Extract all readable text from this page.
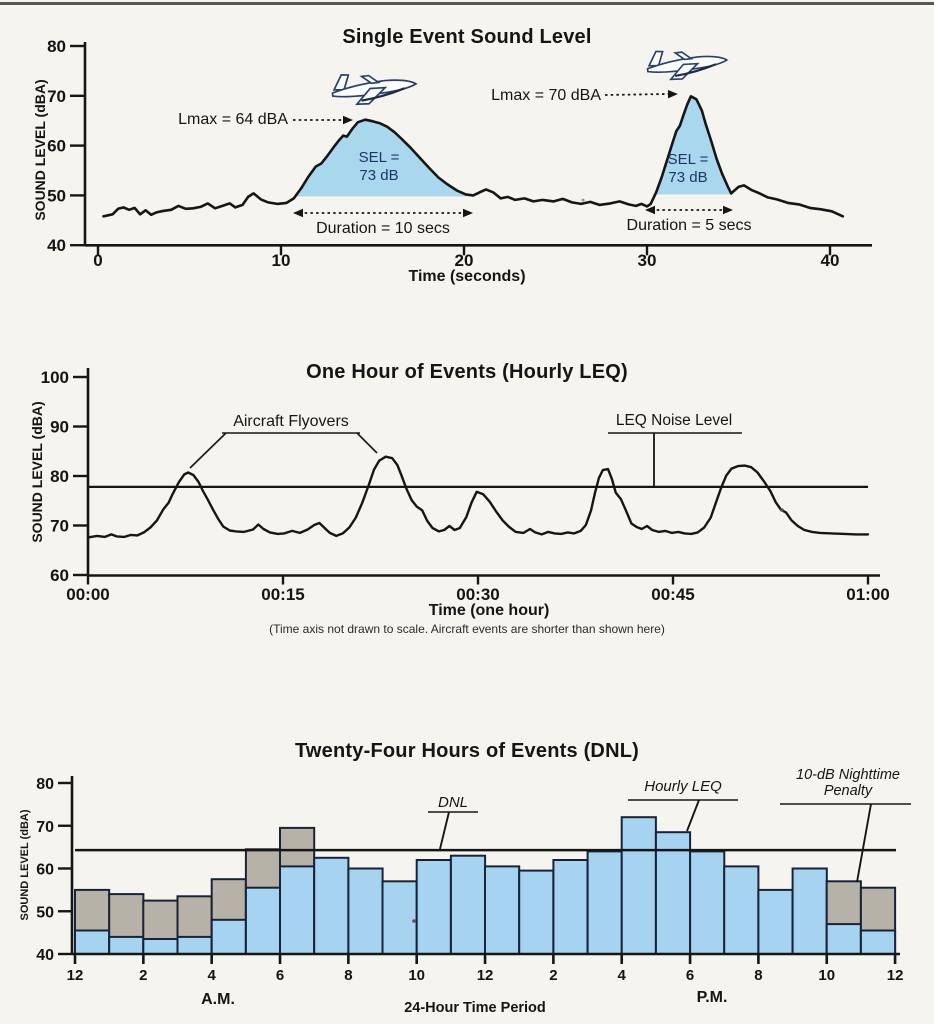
40
50
60
70
80
0	10	20	30	40
60
70
80
90
100
00:00	00:15	00:30	00:45	01:00
40
50
60
70
80
12	2	4	6	8	10	12	2	4	6	8	10	12
Single Event Sound Level
SOUND LEVEL (dBA)	Lmax = 64 dBA
Lmax = 70 dBA
SEL =
73 dB
SEL =
73 dB
Duration = 10 secs	Duration = 5 secs
Time (seconds)
One Hour of Events (Hourly LEQ)
SOUND LEVEL (dBA)	Aircraft Flyovers	LEQ Noise Level
Time (one hour)
(Time axis not drawn to scale. Aircraft events are shorter than shown here)
Twenty-Four Hours of Events (DNL)
SOUND LEVEL (dBA)
DNL
Hourly LEQ
10-dB Nighttime
Penalty
A.M.	P.M.
24-Hour Time Period
